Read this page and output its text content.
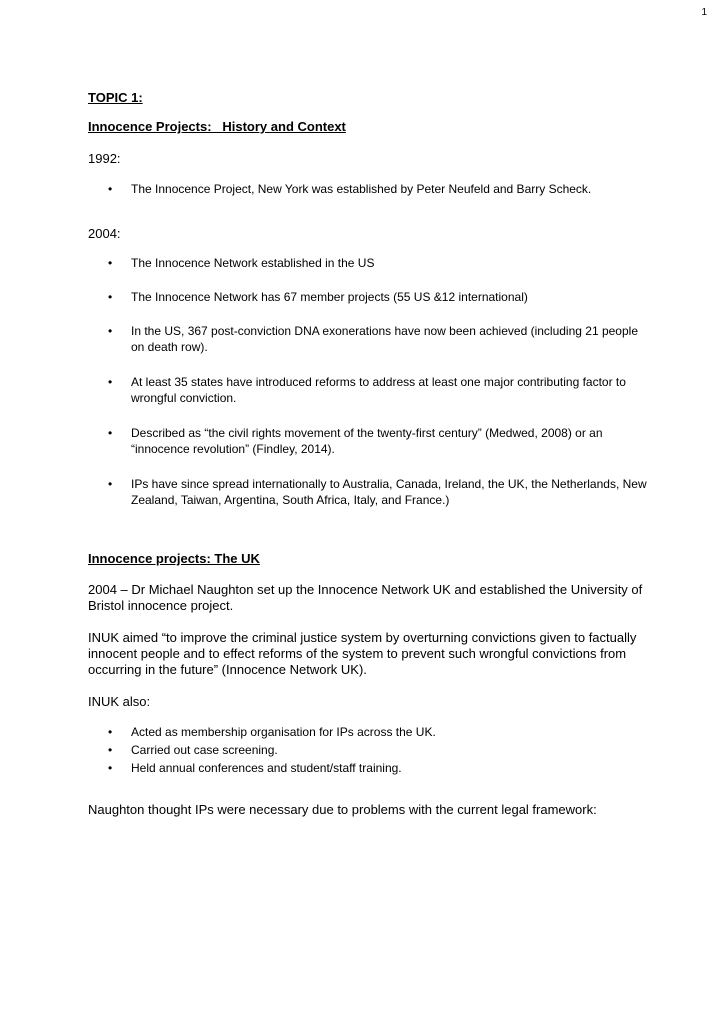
1

TOPIC 1:

Innocence Projects:   History and Context

1992:

• The Innocence Project, New York was established by Peter Neufeld and Barry Scheck.

2004:

• The Innocence Network established in the US
• The Innocence Network has 67 member projects (55 US &12 international)
• In the US, 367 post-conviction DNA exonerations have now been achieved (including 21 people on death row).
• At least 35 states have introduced reforms to address at least one major contributing factor to wrongful conviction.
• Described as “the civil rights movement of the twenty-first century” (Medwed, 2008) or an “innocence revolution” (Findley, 2014).
• IPs have since spread internationally to Australia, Canada, Ireland, the UK, the Netherlands, New Zealand, Taiwan, Argentina, South Africa, Italy, and France.)

Innocence projects: The UK

2004 – Dr Michael Naughton set up the Innocence Network UK and established the University of Bristol innocence project.

INUK aimed “to improve the criminal justice system by overturning convictions given to factually innocent people and to effect reforms of the system to prevent such wrongful convictions from occurring in the future” (Innocence Network UK).

INUK also:

• Acted as membership organisation for IPs across the UK.
• Carried out case screening.
• Held annual conferences and student/staff training.

Naughton thought IPs were necessary due to problems with the current legal framework:
